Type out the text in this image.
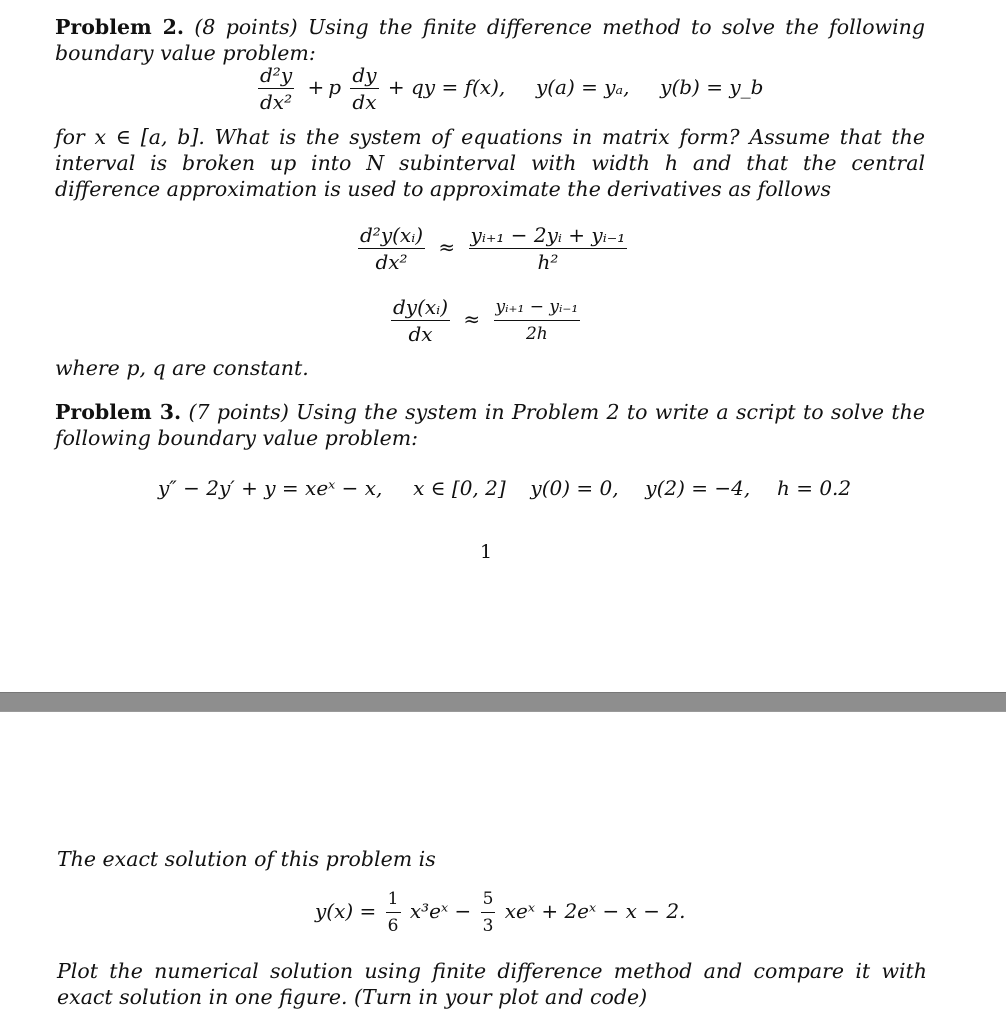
Problem 2. (8 points) Using the finite difference method to solve the following boundary value problem:
$\frac{\text{d²y}}{\text{dx²}} + p \frac{dy}{dx}$ + qy = f(x), y(a) = yₐ, y(b) = y_b
for x ∈ [a, b]. What is the system of equations in matrix form? Assume that the interval is broken up into N subinterval with width h and that the central difference approximation is used to approximate the derivatives as follows
$\frac{\text{d²y(xᵢ)}}{\text{dx²}} \approx \frac{\text{yᵢ₊₁ − 2yᵢ + yᵢ₋₁}}{\text{h²}}$
$\frac{\text{dy(xᵢ)}}{dx} \approx \frac{\text{yᵢ₊₁ − yᵢ₋₁}}{2h}$
where p, q are constant.
Problem 3. (7 points) Using the system in Problem 2 to write a script to solve the following boundary value problem:
y″ − 2y′ + y = xeˣ − x, x ∈ [0, 2] y(0) = 0, y(2) = −4, h = 0.2
1
The exact solution of this problem is
$y(x) = \frac{1}{6}$ x³eˣ − $\frac{5}{3}$ xeˣ + 2eˣ − x − 2.
Plot the numerical solution using finite difference method and compare it with exact solution in one figure. (Turn in your plot and code)
